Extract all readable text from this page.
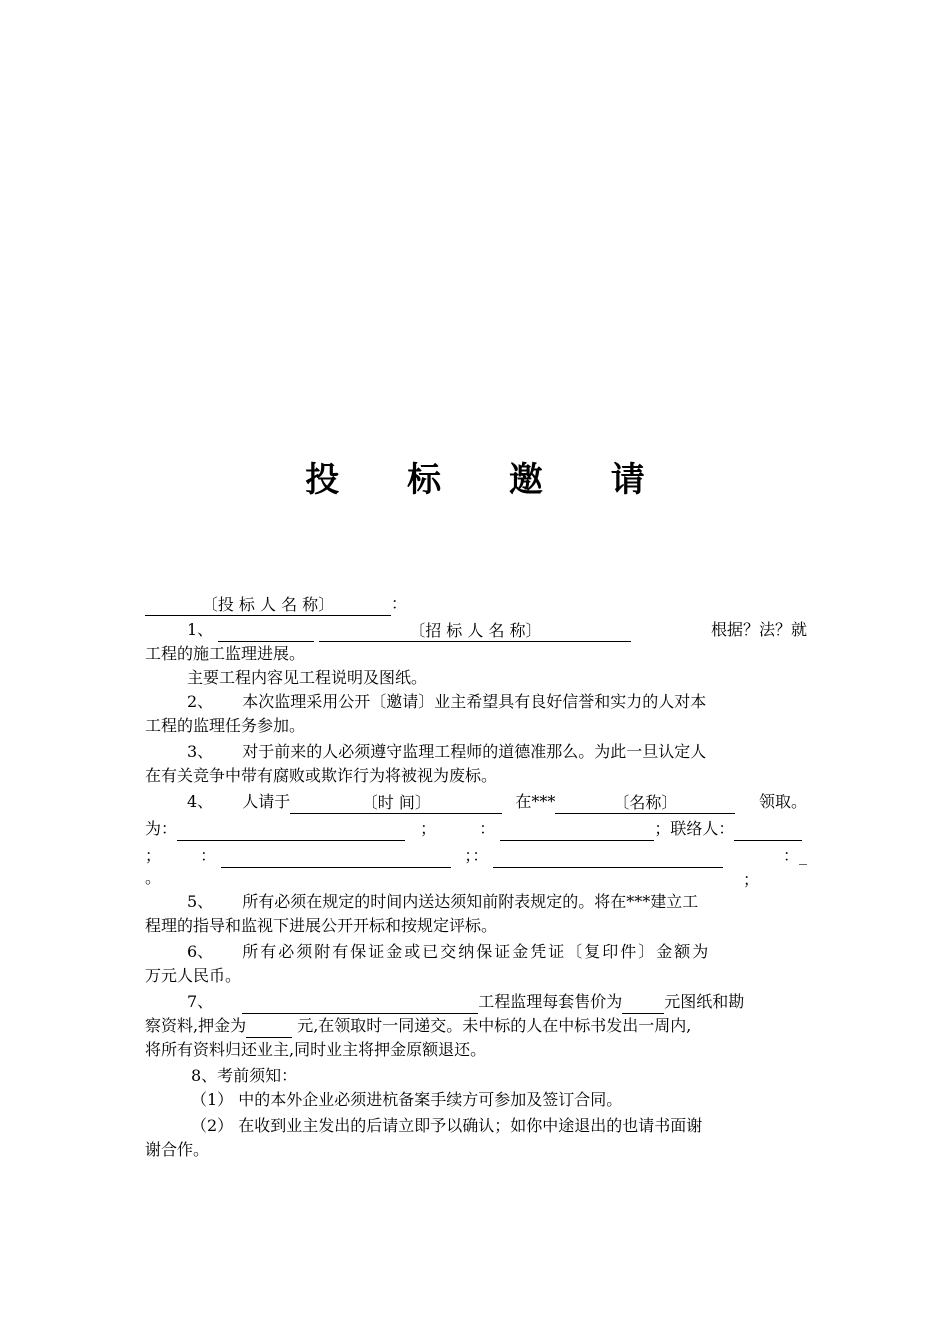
投 标 邀 请
〔投 标 人 名 称〕	：
1、	〔招 标 人 名 称〕	根据？法？就
工程的施工监理进展。
主要工程内容见工程说明及图纸。
2、 本次监理采用公开〔邀请〕业主希望具有良好信誉和实力的人对本
工程的监理任务参加。
3、 对于前来的人必须遵守监理工程师的道德准那么。为此一旦认定人
在有关竞争中带有腐败或欺诈行为将被视为废标。
4、 人请于	〔时 间〕	在***	〔名称〕	领取。
为：	；	：	；联络人：
； ：	；：	：_
；
。
5、 所有必须在规定的时间内送达须知前附表规定的。将在***建立工
程理的指导和监视下进展公开开标和按规定评标。
6、 所有必须附有保证金或已交纳保证金凭证〔复印件〕金额为
万元人民币。
7、	工程监理每套售价为	元图纸和勘
察资料,押金为	元,在领取时一同递交。未中标的人在中标书发出一周内,
将所有资料归还业主,同时业主将押金原额退还。
8、考前须知：
（1） 中的本外企业必须进杭备案手续方可参加及签订合同。
（2） 在收到业主发出的后请立即予以确认；如你中途退出的也请书面谢
谢合作。
